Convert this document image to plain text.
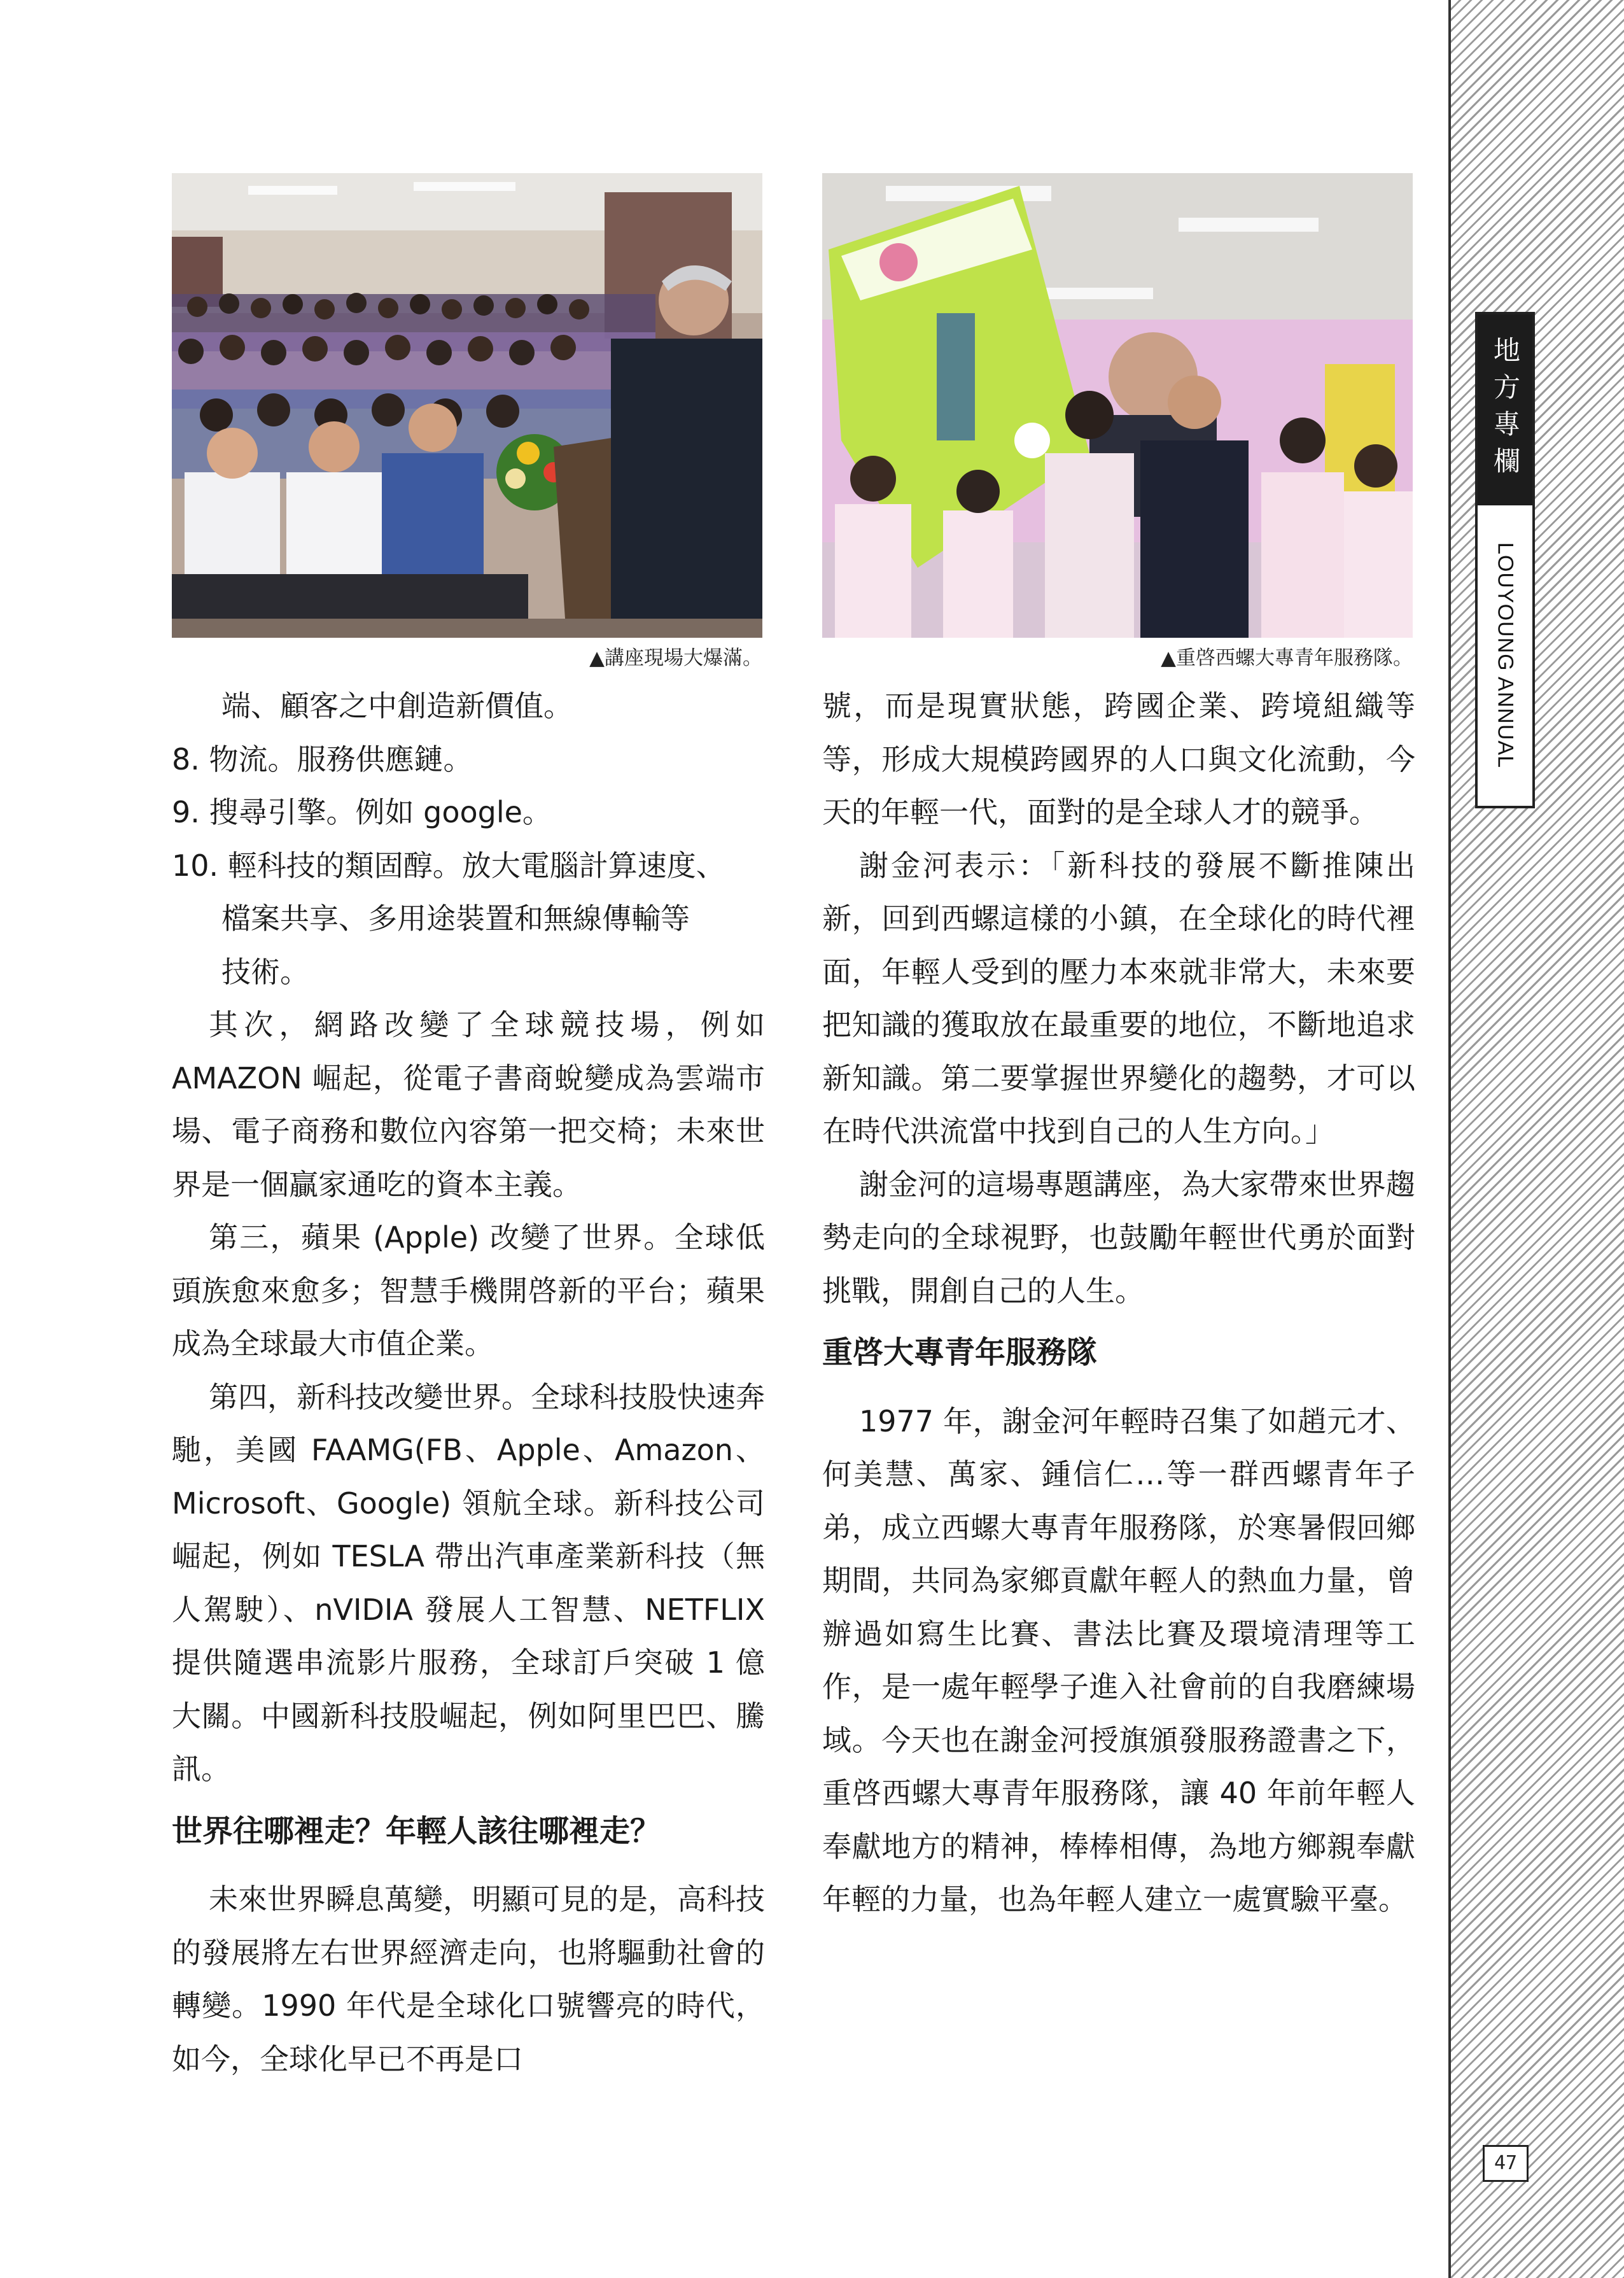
▲講座現場大爆滿。	▲重啓西螺大專青年服務隊。

端、顧客之中創造新價值。

8. 物流。服務供應鏈。

9. 搜尋引擎。例如 google。

10. 輕科技的類固醇。放大電腦計算速度、

檔案共享、多用途裝置和無線傳輸等

技術。

其次，網路改變了全球競技場，例如 AMAZON 崛起，從電子書商蛻變成為雲端市場、電子商務和數位內容第一把交椅；未來世界是一個贏家通吃的資本主義。

第三，蘋果 (Apple) 改變了世界。全球低頭族愈來愈多；智慧手機開啓新的平台；蘋果成為全球最大市值企業。

第四，新科技改變世界。全球科技股快速奔馳，美國 FAAMG(FB、Apple、Amazon、Microsoft、Google) 領航全球。新科技公司崛起，例如 TESLA 帶出汽車產業新科技（無人駕駛）、nVIDIA 發展人工智慧、NETFLIX 提供隨選串流影片服務，全球訂戶突破 1 億大關。中國新科技股崛起，例如阿里巴巴、騰訊。

世界往哪裡走？年輕人該往哪裡走？

未來世界瞬息萬變，明顯可見的是，高科技的發展將左右世界經濟走向，也將驅動社會的轉變。1990 年代是全球化口號響亮的時代，如今，全球化早已不再是口

號，而是現實狀態，跨國企業、跨境組織等等，形成大規模跨國界的人口與文化流動，今天的年輕一代，面對的是全球人才的競爭。

謝金河表示：「新科技的發展不斷推陳出新，回到西螺這樣的小鎮，在全球化的時代裡面，年輕人受到的壓力本來就非常大，未來要把知識的獲取放在最重要的地位，不斷地追求新知識。第二要掌握世界變化的趨勢，才可以在時代洪流當中找到自己的人生方向。」

謝金河的這場專題講座，為大家帶來世界趨勢走向的全球視野，也鼓勵年輕世代勇於面對挑戰，開創自己的人生。

重啓大專青年服務隊

1977 年，謝金河年輕時召集了如趙元才、何美慧、萬家、鍾信仁…等一群西螺青年子弟，成立西螺大專青年服務隊，於寒暑假回鄉期間，共同為家鄉貢獻年輕人的熱血力量，曾辦過如寫生比賽、書法比賽及環境清理等工作，是一處年輕學子進入社會前的自我磨練場域。今天也在謝金河授旗頒發服務證書之下，重啓西螺大專青年服務隊，讓 40 年前年輕人奉獻地方的精神，棒棒相傳，為地方鄉親奉獻年輕的力量，也為年輕人建立一處實驗平臺。

地方專欄
LOUYOUNG ANNUAL
47
